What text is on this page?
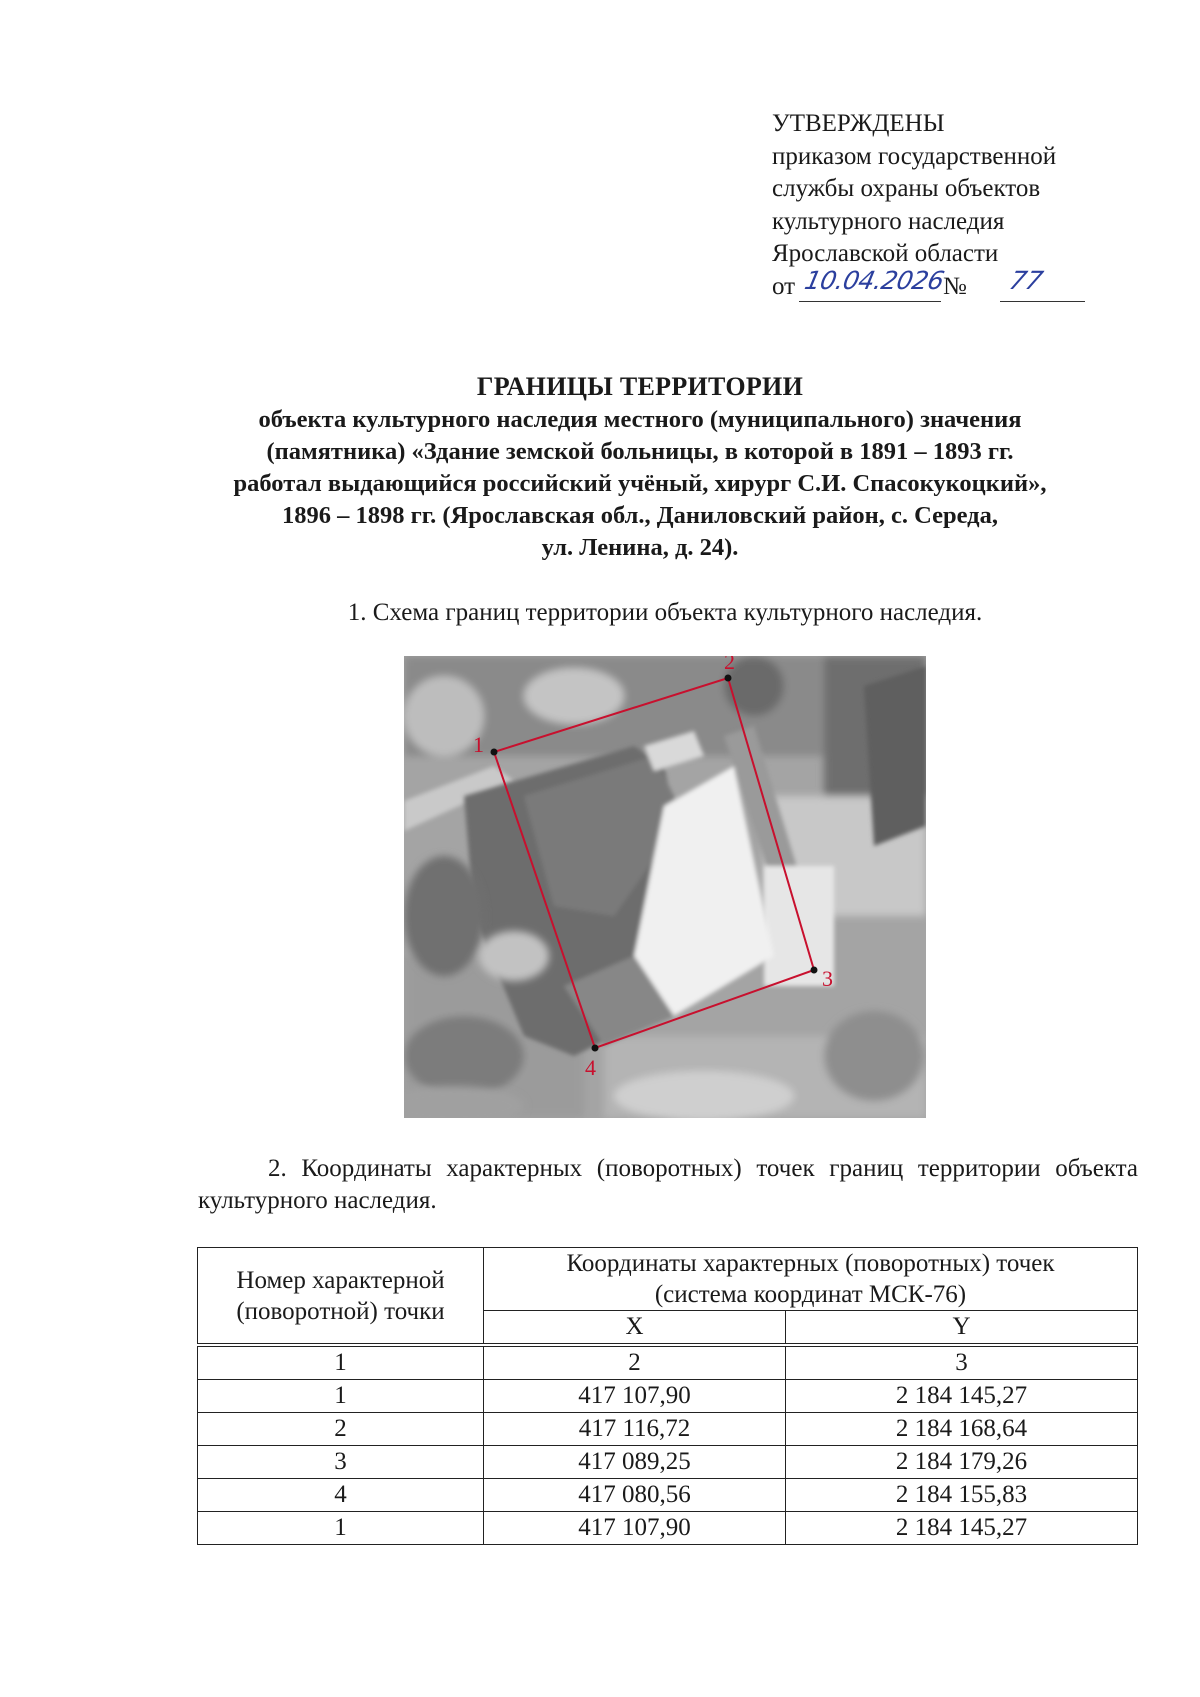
УТВЕРЖДЕНЫ
приказом государственной
службы охраны объектов
культурного наследия
Ярославской области
от 10.04.2026
№ 77
ГРАНИЦЫ ТЕРРИТОРИИ
объекта культурного наследия местного (муниципального) значения
(памятника) «Здание земской больницы, в которой в 1891 – 1893 гг.
работал выдающийся российский учёный, хирург С.И. Спасокукоцкий»,
1896 – 1898 гг. (Ярославская обл., Даниловский район, с. Середа,
ул. Ленина, д. 24).
1. Схема границ территории объекта культурного наследия.
1
2
3
4
2. Координаты характерных (поворотных) точек границ территории объекта культурного наследия.
Номер характерной (поворотной) точки	Координаты характерных (поворотных) точек
(система координат МСК-76)	

	X	Y
1	2	3
1	417 107,90	2 184 145,27
2	417 116,72	2 184 168,64
3	417 089,25	2 184 179,26
4	417 080,56	2 184 155,83
1	417 107,90	2 184 145,27
